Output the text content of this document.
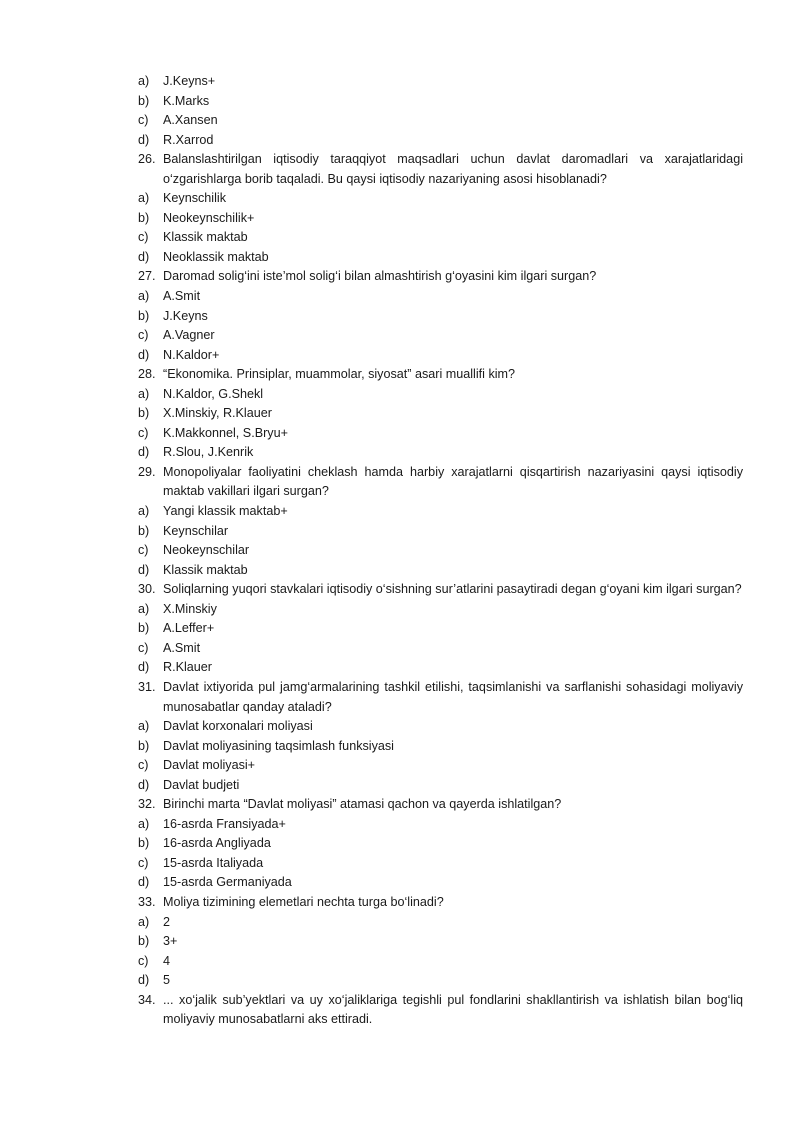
a)	J.Keyns+
b)	K.Marks
c)	A.Xansen
d)	R.Xarrod
26. Balanslashtirilgan iqtisodiy taraqqiyot maqsadlari uchun davlat daromadlari va xarajatlaridagi o‘zgarishlarga borib taqaladi. Bu qaysi iqtisodiy nazariyaning asosi hisoblanadi?
a)	Keynschilik
b)	Neokeynschilik+
c)	Klassik maktab
d)	Neoklassik maktab
27. Daromad solig‘ini iste’mol solig‘i bilan almashtirish g‘oyasini kim ilgari surgan?
a)	A.Smit
b)	J.Keyns
c)	A.Vagner
d)	N.Kaldor+
28. “Ekonomika. Prinsiplar, muammolar, siyosat” asari muallifi kim?
a)	N.Kaldor, G.Shekl
b)	X.Minskiy, R.Klauer
c)	K.Makkonnel, S.Bryu+
d)	R.Slou, J.Kenrik
29. Monopoliyalar faoliyatini cheklash hamda harbiy xarajatlarni qisqartirish nazariyasini qaysi iqtisodiy maktab vakillari ilgari surgan?
a)	Yangi klassik maktab+
b)	Keynschilar
c)	Neokeynschilar
d)	Klassik maktab
30. Soliqlarning yuqori stavkalari iqtisodiy o‘sishning sur’atlarini pasaytiradi degan g‘oyani kim ilgari surgan?
a)	X.Minskiy
b)	A.Leffer+
c)	A.Smit
d)	R.Klauer
31. Davlat ixtiyorida pul jamg‘armalarining tashkil etilishi, taqsimlanishi va sarflanishi sohasidagi moliyaviy munosabatlar qanday ataladi?
a)	Davlat korxonalari moliyasi
b)	Davlat moliyasining taqsimlash funksiyasi
c)	Davlat moliyasi+
d)	Davlat budjeti
32. Birinchi marta “Davlat moliyasi” atamasi qachon va qayerda ishlatilgan?
a)	16-asrda Fransiyada+
b)	16-asrda Angliyada
c)	15-asrda Italiyada
d)	15-asrda Germaniyada
33. Moliya tizimining elemetlari nechta turga bo‘linadi?
a)	2
b)	3+
c)	4
d)	5
34. ... xo‘jalik sub’yektlari va uy xo‘jaliklariga tegishli pul fondlarini shakllantirish va ishlatish bilan bog‘liq moliyaviy munosabatlarni aks ettiradi.
